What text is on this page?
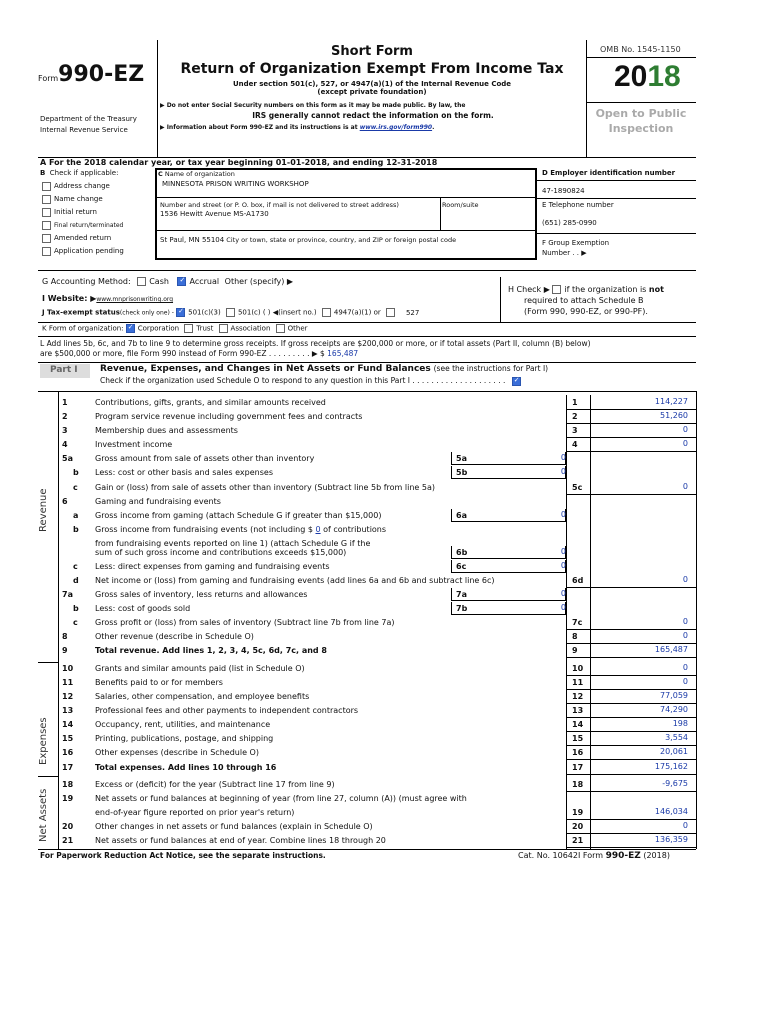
Form990-EZ
Department of the Treasury
Internal Revenue Service
Short Form
Return of Organization Exempt From Income Tax
Under section 501(c), 527, or 4947(a)(1) of the Internal Revenue Code
(except private foundation)
▶ Do not enter Social Security numbers on this form as it may be made public. By law, the
IRS generally cannot redact the information on the form.
▶ Information about Form 990-EZ and its instructions is at www.irs.gov/form990.
OMB No. 1545-1150
2018
Open to Public
Inspection
A For the 2018 calendar year, or tax year beginning 01-01-2018, and ending 12-31-2018
B Check if applicable:
Address change
Name change
Initial return
Final return/terminated
Amended return
Application pending
C Name of organization
MINNESOTA PRISON WRITING WORKSHOP
Number and street (or P. O. box, if mail is not delivered to street address)	Room/suite
1536 Hewitt Avenue MS-A1730
St Paul, MN 55104 City or town, state or province, country, and ZIP or foreign postal code
D Employer identification number
47-1890824
E Telephone number
(651) 285-0990
F Group Exemption
Number . . ▶
G Accounting Method: Cash ✓	Accrual Other (specify) ▶
I Website: ▶www.mnprisonwriting.org
J Tax-exempt status(check only one) - ✓ 501(c)(3) 501(c) ( ) ◀(insert no.) 4947(a)(1) or	527
H Check ▶ if the organization is not
required to attach Schedule B
(Form 990, 990-EZ, or 990-PF).
K Form of organization: ✓ Corporation Trust Association Other
L Add lines 5b, 6c, and 7b to line 9 to determine gross receipts. If gross receipts are $200,000 or more, or if total assets (Part II, column (B) below)
are $500,000 or more, file Form 990 instead of Form 990-EZ . . . . . . . . . ▶ $ 165,487
Part I	Revenue, Expenses, and Changes in Net Assets or Fund Balances (see the instructions for Part I)
Check if the organization used Schedule O to respond to any question in this Part I . . . . . . . . . . . . . . . . . . . . ✓
Revenue
Expenses
Net Assets
1	Contributions, gifts, grants, and similar amounts received	1	114,227
2	Program service revenue including government fees and contracts	2	51,260
3	Membership dues and assessments	3	0
4	Investment income	4	0
5a	Gross amount from sale of assets other than inventory	5a	0
b Less: cost or other basis and sales expenses	5b	0
c Gain or (loss) from sale of assets other than inventory (Subtract line 5b from line 5a)	5c	0
6	Gaming and fundraising events
a Gross income from gaming (attach Schedule G if greater than $15,000)	6a	0
b Gross income from fundraising events (not including $ 0 of contributions
from fundraising events reported on line 1) (attach Schedule G if the
sum of such gross income and contributions exceeds $15,000)	6b	0
c Less: direct expenses from gaming and fundraising events	6c	0
d Net income or (loss) from gaming and fundraising events (add lines 6a and 6b and subtract line 6c)	6d	0
7a	Gross sales of inventory, less returns and allowances	7a	0
b Less: cost of goods sold	7b	0
c Gross profit or (loss) from sales of inventory (Subtract line 7b from line 7a)	7c	0
8	Other revenue (describe in Schedule O)	8	0
9	Total revenue. Add lines 1, 2, 3, 4, 5c, 6d, 7c, and 8	9	165,487
10	Grants and similar amounts paid (list in Schedule O)	10	0
11	Benefits paid to or for members	11	0
12	Salaries, other compensation, and employee benefits	12	77,059
13	Professional fees and other payments to independent contractors	13	74,290
14	Occupancy, rent, utilities, and maintenance	14	198
15	Printing, publications, postage, and shipping	15	3,554
16	Other expenses (describe in Schedule O)	16	20,061
17	Total expenses. Add lines 10 through 16	17	175,162
18	Excess or (deficit) for the year (Subtract line 17 from line 9)	18	-9,675
19	Net assets or fund balances at beginning of year (from line 27, column (A)) (must agree with
end-of-year figure reported on prior year's return)	19	146,034
20	Other changes in net assets or fund balances (explain in Schedule O)	20	0
21	Net assets or fund balances at end of year. Combine lines 18 through 20	21	136,359
For Paperwork Reduction Act Notice, see the separate instructions.	Cat. No. 10642I Form 990-EZ (2018)
